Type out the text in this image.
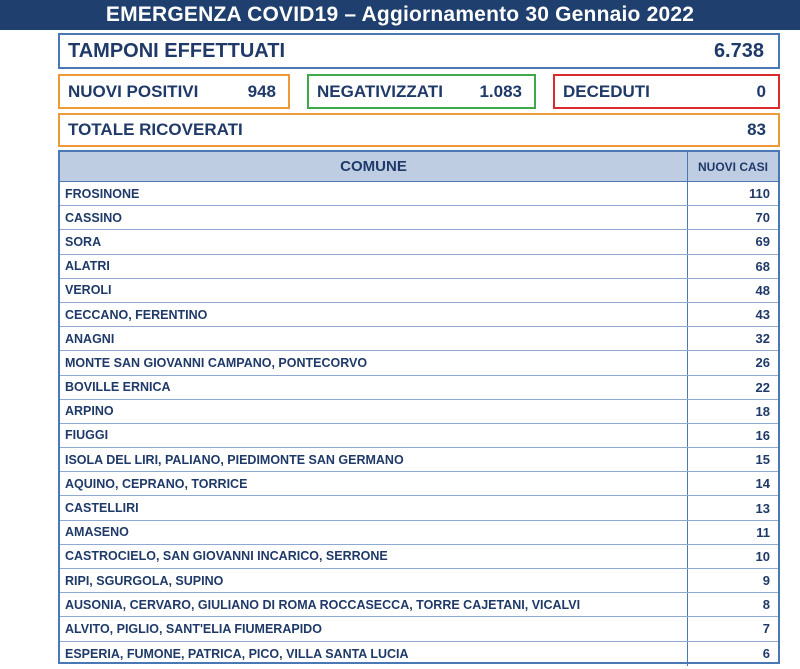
EMERGENZA COVID19 – Aggiornamento 30 Gennaio 2022
TAMPONI EFFETTUATI	6.738
NUOVI POSITIVI	948 NEGATIVIZZATI 1.083 DECEDUTI	0
TOTALE RICOVERATI	83
COMUNE	NUOVI CASI
FROSINONE	110
CASSINO	70
SORA	69
ALATRI	68
VEROLI	48
CECCANO, FERENTINO	43
ANAGNI	32
MONTE SAN GIOVANNI CAMPANO, PONTECORVO	26
BOVILLE ERNICA	22
ARPINO	18
FIUGGI	16
ISOLA DEL LIRI, PALIANO, PIEDIMONTE SAN GERMANO	15
AQUINO, CEPRANO, TORRICE	14
CASTELLIRI	13
AMASENO	11
CASTROCIELO, SAN GIOVANNI INCARICO, SERRONE	10
RIPI, SGURGOLA, SUPINO	9
AUSONIA, CERVARO, GIULIANO DI ROMA ROCCASECCA, TORRE CAJETANI, VICALVI	8
ALVITO, PIGLIO, SANT'ELIA FIUMERAPIDO	7
ESPERIA, FUMONE, PATRICA, PICO, VILLA SANTA LUCIA	6
